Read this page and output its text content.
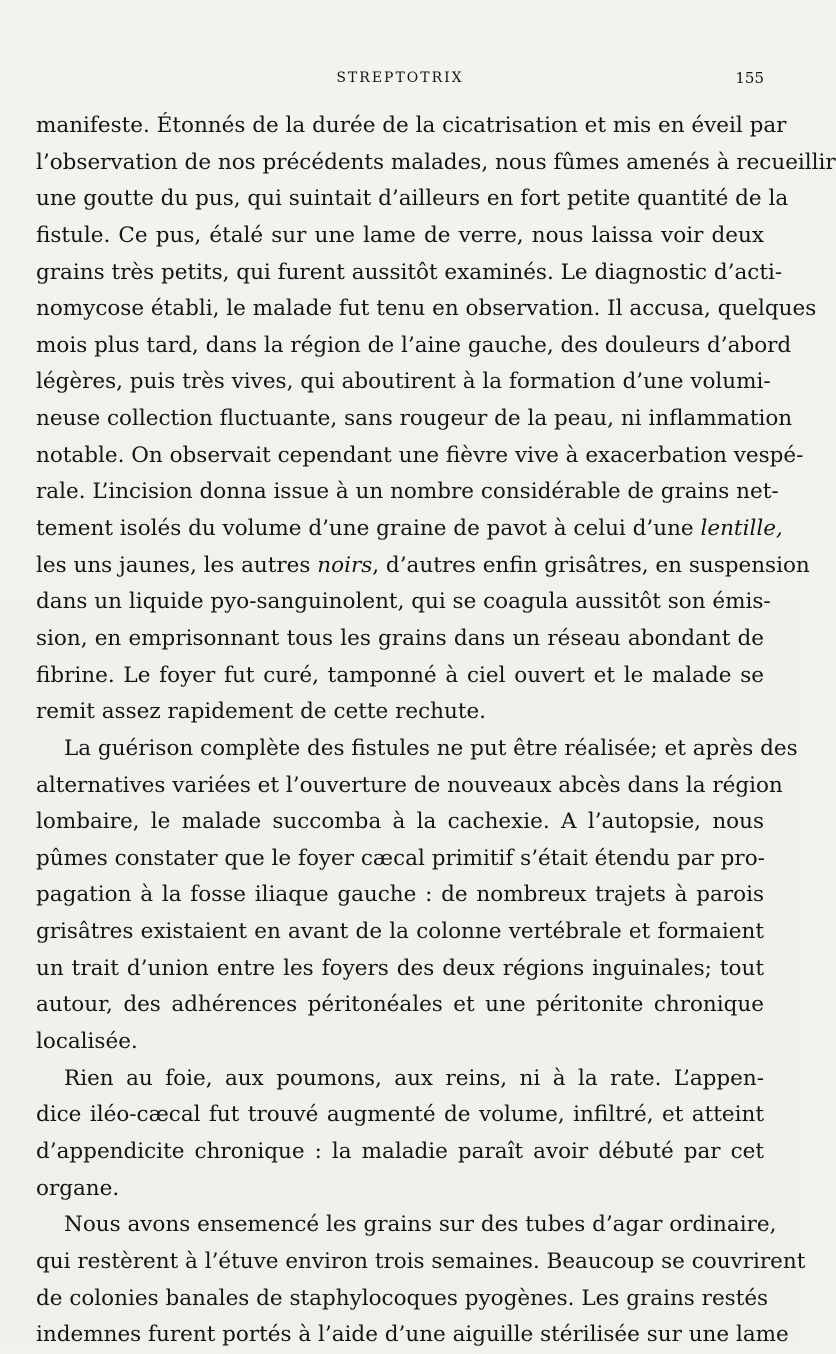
STREPTOTRIX	155
manifeste. Étonnés de la durée de la cicatrisation et mis en éveil par
l’observation de nos précédents malades, nous fûmes amenés à recueillir
une goutte du pus, qui suintait d’ailleurs en fort petite quantité de la
fistule. Ce pus, étalé sur une lame de verre, nous laissa voir deux
grains très petits, qui furent aussitôt examinés. Le diagnostic d’acti-
nomycose établi, le malade fut tenu en observation. Il accusa, quelques
mois plus tard, dans la région de l’aine gauche, des douleurs d’abord
légères, puis très vives, qui aboutirent à la formation d’une volumi-
neuse collection fluctuante, sans rougeur de la peau, ni inflammation
notable. On observait cependant une fièvre vive à exacerbation vespé-
rale. L’incision donna issue à un nombre considérable de grains net-
tement isolés du volume d’une graine de pavot à celui d’une lentille,
les uns jaunes, les autres noirs, d’autres enfin grisâtres, en suspension
dans un liquide pyo-sanguinolent, qui se coagula aussitôt son émis-
sion, en emprisonnant tous les grains dans un réseau abondant de
fibrine. Le foyer fut curé, tamponné à ciel ouvert et le malade se
remit assez rapidement de cette rechute.
La guérison complète des fistules ne put être réalisée; et après des
alternatives variées et l’ouverture de nouveaux abcès dans la région
lombaire, le malade succomba à la cachexie. A l’autopsie, nous
pûmes constater que le foyer cæcal primitif s’était étendu par pro-
pagation à la fosse iliaque gauche : de nombreux trajets à parois
grisâtres existaient en avant de la colonne vertébrale et formaient
un trait d’union entre les foyers des deux régions inguinales; tout
autour, des adhérences péritonéales et une péritonite chronique
localisée.
Rien au foie, aux poumons, aux reins, ni à la rate. L’appen-
dice iléo-cæcal fut trouvé augmenté de volume, infiltré, et atteint
d’appendicite chronique : la maladie paraît avoir débuté par cet
organe.
Nous avons ensemencé les grains sur des tubes d’agar ordinaire,
qui restèrent à l’étuve environ trois semaines. Beaucoup se couvrirent
de colonies banales de staphylocoques pyogènes. Les grains restés
indemnes furent portés à l’aide d’une aiguille stérilisée sur une lame
